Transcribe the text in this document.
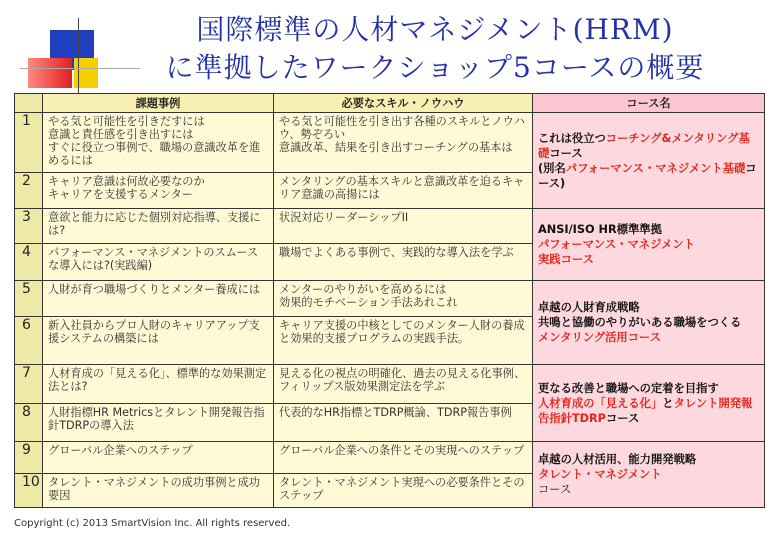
国際標準の人材マネジメント(HRM)
に準拠したワークショップ5コースの概要
	課題事例	必要なスキル・ノウハウ	コース名
1	やる気と可能性を引きだすには
意識と責任感を引き出すには
すぐに役立つ事例で、職場の意識改革を進めるには	やる気と可能性を引き出す各種のスキルとノウハウ、勢ぞろい
意識改革、結果を引き出すコーチングの基本は	これは役立つコーチング&メンタリング基礎コース
(別名パフォーマンス・マネジメント基礎コース)
2	キャリア意識は何故必要なのか
キャリアを支援するメンター	メンタリングの基本スキルと意識改革を迫るキャリア意識の高揚には	
3	意欲と能力に応じた個別対応指導、支援には?	状況対応リーダーシップII	ANSI/ISO HR標準準拠
パフォーマンス・マネジメント
実践コース
4	パフォーマンス・マネジメントのスムースな導入には?(実践編)	職場でよくある事例で、実践的な導入法を学ぶ	
5	人財が育つ職場づくりとメンター養成には	メンターのやりがいを高めるには
効果的モチベーション手法あれこれ	卓越の人財育成戦略
共鳴と協働のやりがいある職場をつくる
メンタリング活用コース
6	新入社員からプロ人財のキャリアアップ支援システムの構築には	キャリア支援の中核としてのメンター人財の養成と効果的支援プログラムの実践手法。	
7	人材育成の「見える化」、標準的な効果測定法とは?	見える化の視点の明確化、過去の見える化事例、フィリップス版効果測定法を学ぶ	更なる改善と職場への定着を目指す
人材育成の「見える化」とタレント開発報告指針TDRPコース
8	人財指標HR Metricsとタレント開発報告指針TDRPの導入法	代表的なHR指標とTDRP概論、TDRP報告事例	
9	グローバル企業へのステップ	グローバル企業への条件とその実現へのステップ	卓越の人材活用、能力開発戦略
タレント・マネジメント
コース
10	タレント・マネジメントの成功事例と成功要因	タレント・マネジメント実現への必要条件とそのステップ	
Copyright (c) 2013 SmartVision Inc. All rights reserved.
